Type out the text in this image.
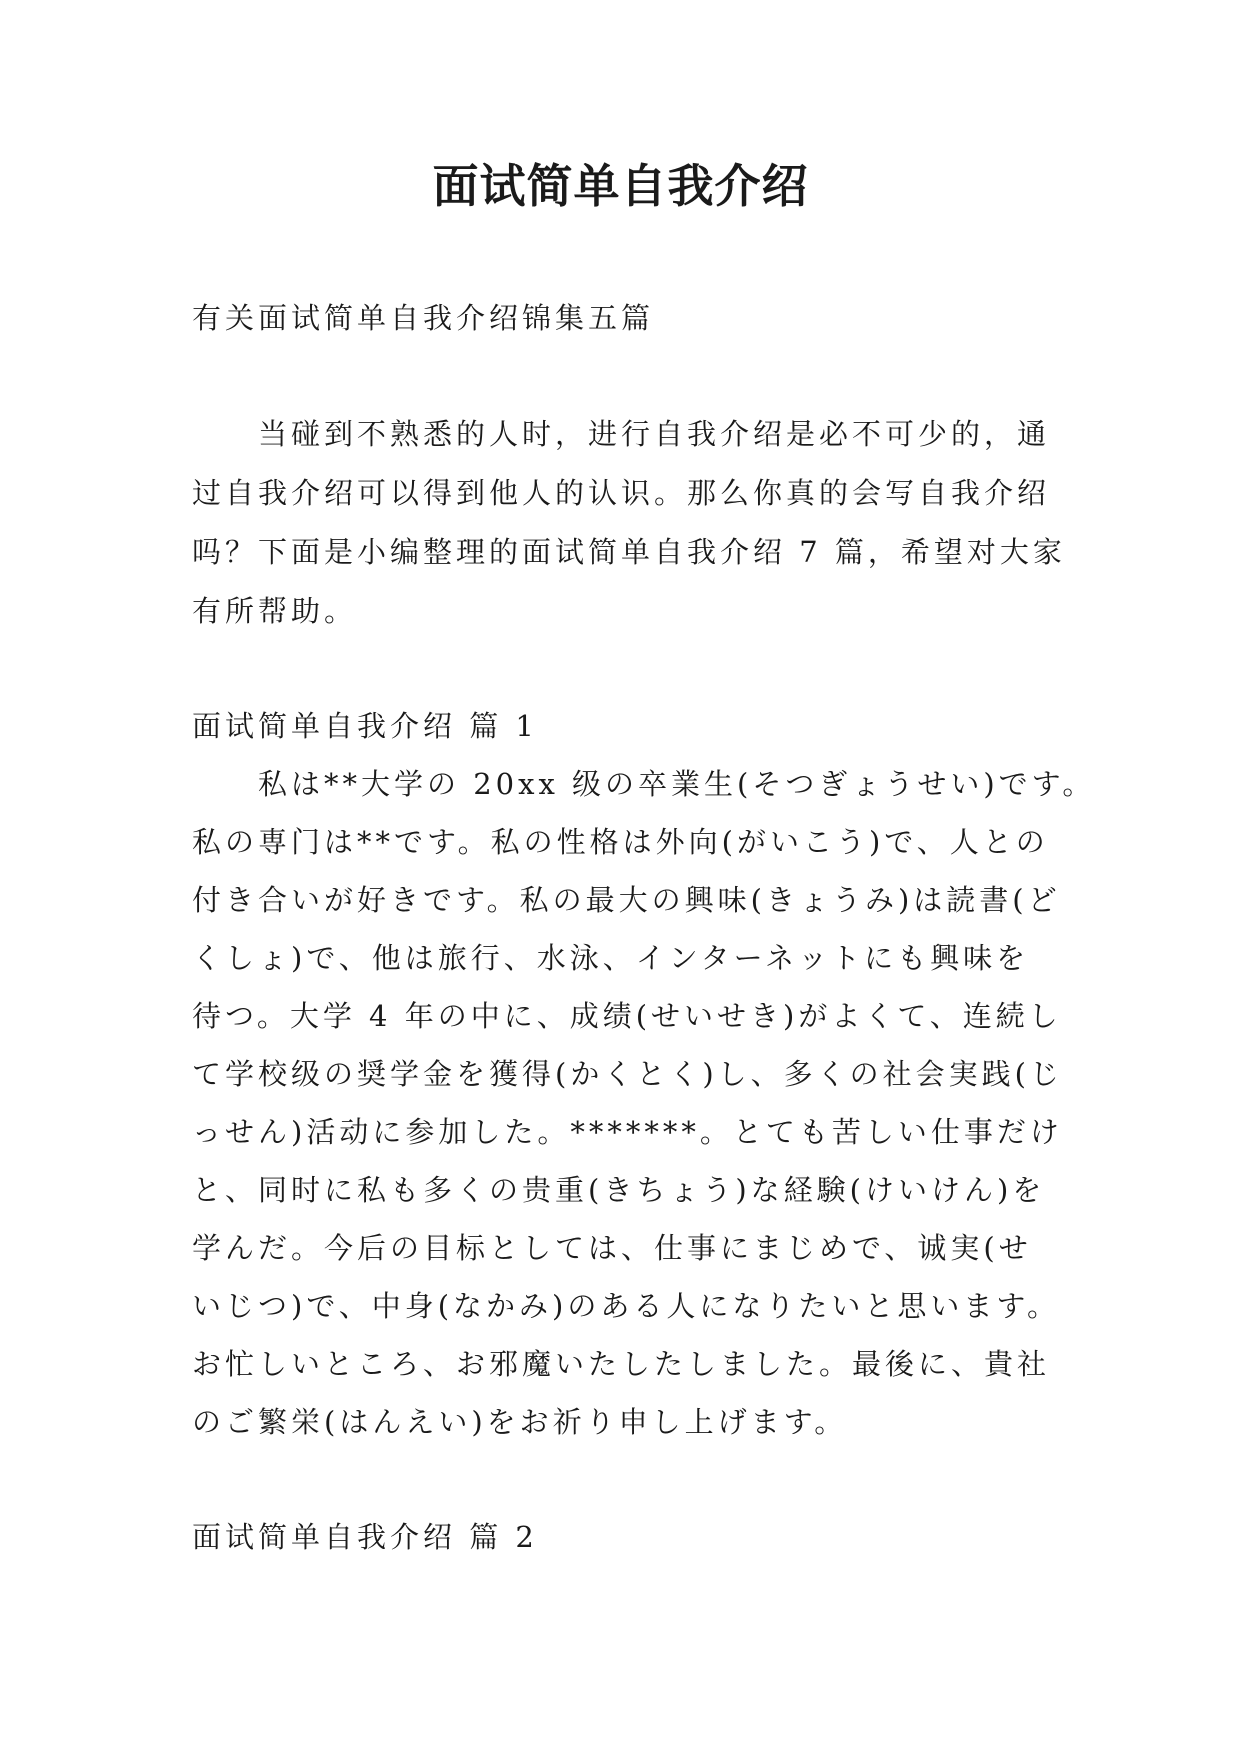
面试简单自我介绍
有关面试简单自我介绍锦集五篇
当碰到不熟悉的人时，进行自我介绍是必不可少的，通
过自我介绍可以得到他人的认识。那么你真的会写自我介绍
吗？下面是小编整理的面试简单自我介绍 7 篇，希望对大家
有所帮助。
面试简单自我介绍 篇 1
私は**大学の 20xx 级の卒業生(そつぎょうせい)です。
私の専门は**です。私の性格は外向(がいこう)で、人との
付き合いが好きです。私の最大の興味(きょうみ)は読書(ど
くしょ)で、他は旅行、水泳、インターネットにも興味を
待つ。大学 4 年の中に、成绩(せいせき)がよくて、连続し
て学校级の奨学金を獲得(かくとく)し、多くの社会実践(じ
っせん)活动に参加した。*******。とても苦しい仕事だけ
と、同时に私も多くの贵重(きちょう)な経験(けいけん)を
学んだ。今后の目标としては、仕事にまじめで、诚実(せ
いじつ)で、中身(なかみ)のある人になりたいと思います。
お忙しいところ、お邪魔いたしたしました。最後に、貴社
のご繁栄(はんえい)をお祈り申し上げます。
面试简单自我介绍 篇 2
